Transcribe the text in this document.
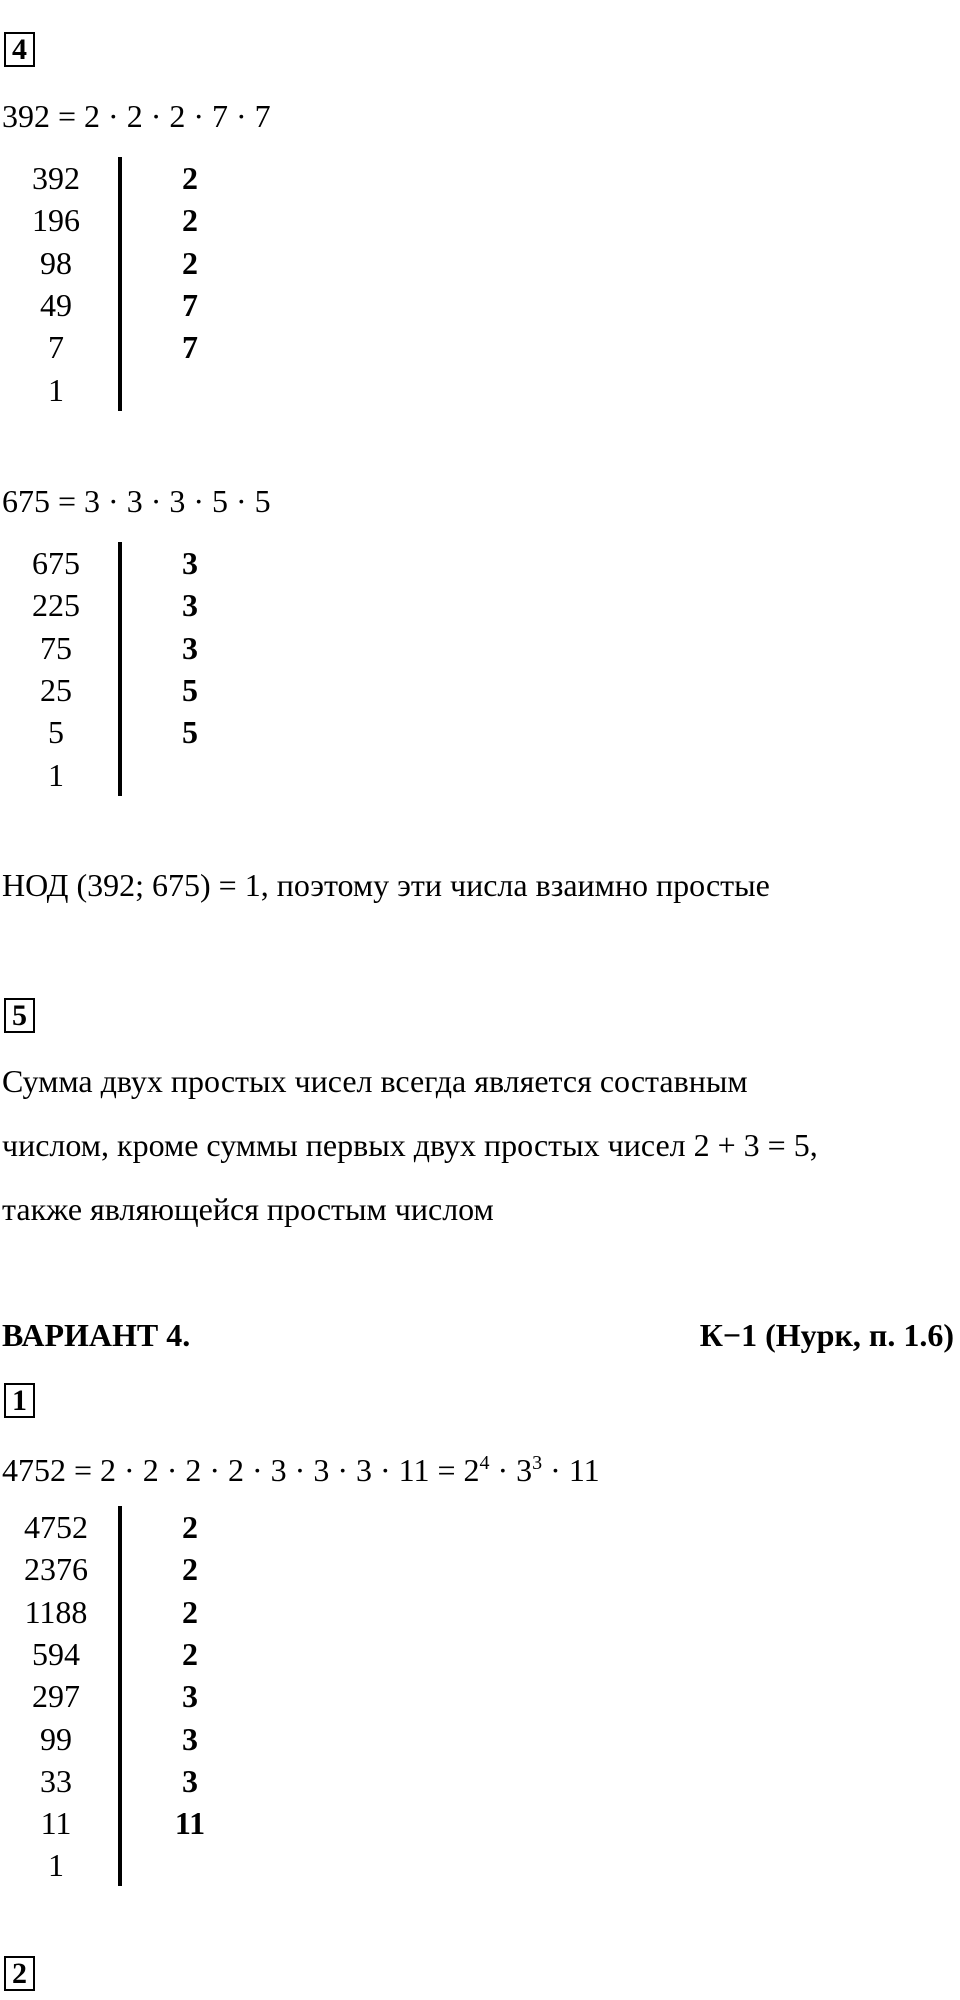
4
392 = 2 · 2 · 2 · 7 · 7
392
196
98
49
7
1
2
2
2
7
7
675 = 3 · 3 · 3 · 5 · 5
675
225
75
25
5
1
3
3
3
5
5
НОД (392; 675) = 1, поэтому эти числа взаимно простые
5
Сумма двух простых чисел всегда является составным
числом, кроме суммы первых двух простых чисел 2 + 3 = 5,
также являющейся простым числом
ВАРИАНТ 4.	К−1 (Нурк, п. 1.6)
1
$4752 = 2 \cdot 2 \cdot 2 \cdot 2 \cdot 3 \cdot 3 \cdot 3 \cdot 11 = 2^4 \cdot 3^3 \cdot 11$
4752
2376
1188
594
297
99
33
11
1
2
2
2
2
3
3
3
11
2
